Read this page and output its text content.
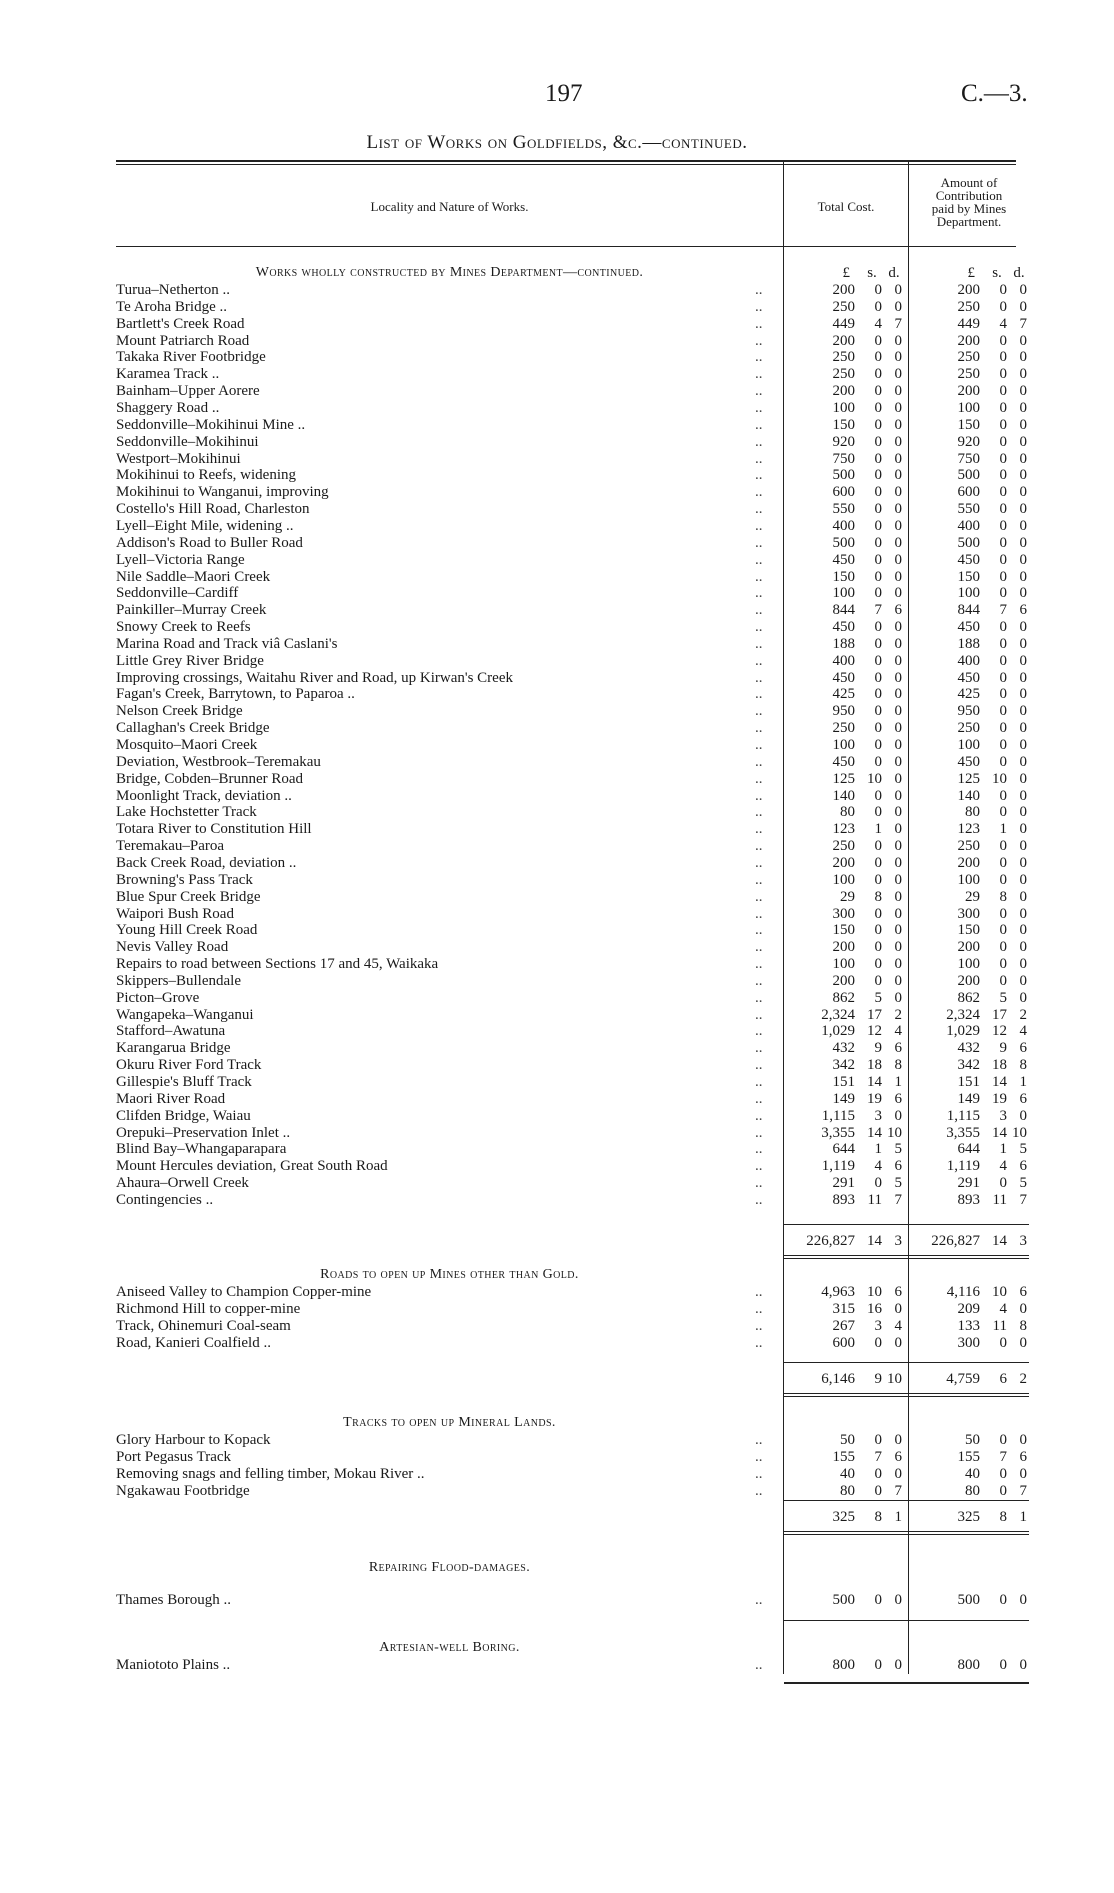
197	C.—3.
List of Works on Goldfields, &c.—continued.
Locality and Nature of Works.	Total Cost.
Amount of
Contribution
paid by Mines
Department.
£	s. d.	£	s. d.
Works wholly constructed by Mines Department—continued.
Turua–Netherton ..	200	0 0	200	0 0
..
Te Aroha Bridge ..	250	0 0	250	0 0
..
Bartlett's Creek Road	449	4 7	449	4 7
..
Mount Patriarch Road	200	0 0	200	0 0
..
Takaka River Footbridge	250	0 0	250	0 0
..
Karamea Track ..	250	0 0	250	0 0
..
Bainham–Upper Aorere	200	0 0	200	0 0
..
Shaggery Road ..	100	0 0	100	0 0
..
Seddonville–Mokihinui Mine ..	150	0 0	150	0 0
..
Seddonville–Mokihinui	920	0 0	920	0 0
..
Westport–Mokihinui	750	0 0	750	0 0
..
Mokihinui to Reefs, widening	500	0 0	500	0 0
..
Mokihinui to Wanganui, improving	600	0 0	600	0 0
..
Costello's Hill Road, Charleston	550	0 0	550	0 0
..
Lyell–Eight Mile, widening ..	400	0 0	400	0 0
..
Addison's Road to Buller Road	500	0 0	500	0 0
..
Lyell–Victoria Range	450	0 0	450	0 0
..
Nile Saddle–Maori Creek	150	0 0	150	0 0
..
Seddonville–Cardiff	100	0 0	100	0 0
..
Painkiller–Murray Creek	844	7 6	844	7 6
..
Snowy Creek to Reefs	450	0 0	450	0 0
..
Marina Road and Track viâ Caslani's	188	0 0	188	0 0
..
Little Grey River Bridge	400	0 0	400	0 0
..
Improving crossings, Waitahu River and Road, up Kirwan's Creek	450	0 0	450	0 0
..
Fagan's Creek, Barrytown, to Paparoa ..	425	0 0	425	0 0
..
Nelson Creek Bridge	950	0 0	950	0 0
..
Callaghan's Creek Bridge	250	0 0	250	0 0
..
Mosquito–Maori Creek	100	0 0	100	0 0
..
Deviation, Westbrook–Teremakau	450	0 0	450	0 0
..
Bridge, Cobden–Brunner Road	125 10 0	125 10 0
..
Moonlight Track, deviation ..	140	0 0	140	0 0
..
Lake Hochstetter Track	80	0 0	80	0 0
..
Totara River to Constitution Hill	123	1 0	123	1 0
..
Teremakau–Paroa	250	0 0	250	0 0
..
Back Creek Road, deviation ..	200	0 0	200	0 0
..
Browning's Pass Track	100	0 0	100	0 0
..
Blue Spur Creek Bridge	29	8 0	29	8 0
..
Waipori Bush Road	300	0 0	300	0 0
..
Young Hill Creek Road	150	0 0	150	0 0
..
Nevis Valley Road	200	0 0	200	0 0
..
Repairs to road between Sections 17 and 45, Waikaka	100	0 0	100	0 0
..
Skippers–Bullendale	200	0 0	200	0 0
..
Picton–Grove	862	5 0	862	5 0
..
Wangapeka–Wanganui	2,324 17 2	2,324 17 2
..
Stafford–Awatuna	1,029 12 4	1,029 12 4
..
Karangarua Bridge	432	9 6	432	9 6
..
Okuru River Ford Track	342 18 8	342 18 8
..
Gillespie's Bluff Track	151 14 1	151 14 1
..
Maori River Road	149 19 6	149 19 6
..
Clifden Bridge, Waiau	1,115	3 0	1,115	3 0
..
Orepuki–Preservation Inlet ..	3,355 14 10	3,355 14 10
..
Blind Bay–Whangaparapara	644	1 5	644	1 5
..
Mount Hercules deviation, Great South Road	1,119	4 6	1,119	4 6
..
Ahaura–Orwell Creek	291	0 5	291	0 5
..
Contingencies ..	893 11 7	893 11 7
..
226,827 14 3	226,827 14 3
Roads to open up Mines other than Gold.
Aniseed Valley to Champion Copper-mine	4,963 10 6	4,116 10 6
..
Richmond Hill to copper-mine	315 16 0	209	4 0
..
Track, Ohinemuri Coal-seam	267	3 4	133 11 8
..
Road, Kanieri Coalfield ..	600	0 0	300	0 0
..
6,146	9 10	4,759	6 2
Tracks to open up Mineral Lands.
Glory Harbour to Kopack	50	0 0	50	0 0
..
Port Pegasus Track	155	7 6	155	7 6
..
Removing snags and felling timber, Mokau River ..	40	0 0	40	0 0
..
Ngakawau Footbridge	80	0 7	80	0 7
..
325	8 1	325	8 1
Repairing Flood-damages.
Thames Borough ..	500	0 0	500	0 0
..
Artesian-well Boring.
Maniototo Plains ..	800	0 0	800	0 0
..
